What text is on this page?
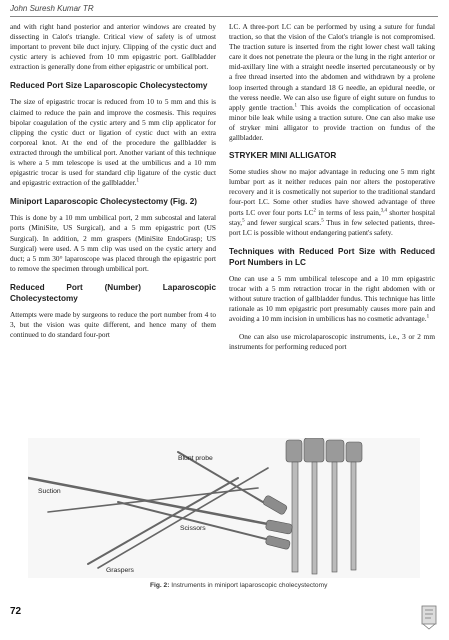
John Suresh Kumar TR

and with right hand posterior and anterior windows are created by dissecting in Calot's triangle. Critical view of safety is of utmost important to prevent bile duct injury. Clipping of the cystic duct and cystic artery is achieved from 10 mm epigastric port. Gallbladder extraction is generally done from either epigastric or umbilical port.

Reduced Port Size Laparoscopic Cholecystectomy

The size of epigastric trocar is reduced from 10 to 5 mm and this is claimed to reduce the pain and improve the cosmesis. This requires bipolar coagulation of the cystic artery and 5 mm clip applicator for clipping the cystic duct or ligation of cystic duct with an extra corporeal knot. At the end of the procedure the gallbladder is extracted through the umbilical port. Another variant of this technique is where a 5 mm telescope is used at the umbilicus and a 10 mm epigastric trocar is used for standard clip ligature of the cystic duct and epigastric extraction of the gallbladder.$^1$

Miniport Laparoscopic Cholecystectomy (Fig. 2)

This is done by a 10 mm umbilical port, 2 mm subcostal and lateral ports (MiniSite, US Surgical), and a 5 mm epigastric port (US Surgical). In addition, 2 mm graspers (MiniSite EndoGrasp; US Surgical) were used. A 5 mm clip was used on the cystic artery and duct; a 5 mm 30° laparoscope was placed through the epigastric port to remove the specimen through umbilical port.

Reduced Port (Number) Laparoscopic Cholecystectomy

Attempts were made by surgeons to reduce the port number from 4 to 3, but the vision was quite different, and hence many of them continued to do standard four-port

LC. A three-port LC can be performed by using a suture for fundal traction, so that the vision of the Calot's triangle is not compromised. The traction suture is inserted from the right lower chest wall taking care it does not penetrate the pleura or the lung in the right anterior or mid-axillary line with a straight needle inserted percutaneously or by a free thread inserted into the abdomen and withdrawn by a prolene loop inserted through a standard 18 G needle, an epidural needle, or the veress needle. We can also use figure of eight suture on fundus to apply gentle traction.$^1$ This avoids the complication of occasional minor bile leak while using a traction suture. One can also make use of stryker mini alligator to provide traction on fundus of the gallbladder.

STRYKER MINI ALLIGATOR

Some studies show no major advantage in reducing one 5 mm right lumbar port as it neither reduces pain nor alters the postoperative recovery and it is cosmetically not superior to the traditional standard four-port LC. Some other studies have showed advantage of three ports LC over four ports $LC^2$ in terms of less pain,$^{3,4}$ shorter hospital stay,$^5$ and fewer surgical scars.$^5$ Thus in few selected patients, three-port LC is possible without endangering patient's safety.

Techniques with Reduced Port Size with Reduced Port Numbers in LC

One can use a 5 mm umbilical telescope and a 10 mm epigastric trocar with a 5 mm retraction trocar in the right abdomen with or without suture traction of gallbladder fundus. This technique has little rationale as 10 mm epigastric port presumably causes more pain and avoiding a 10 mm incision in umbilicus has no cosmetic advantage.$^1$

One can also use microlaparoscopic instruments, i.e., 3 or 2 mm instruments for performing reduced port

Blunt probe
Suction
Scissors
Graspers
Fig. 2: Instruments in miniport laparoscopic cholecystectomy
72
